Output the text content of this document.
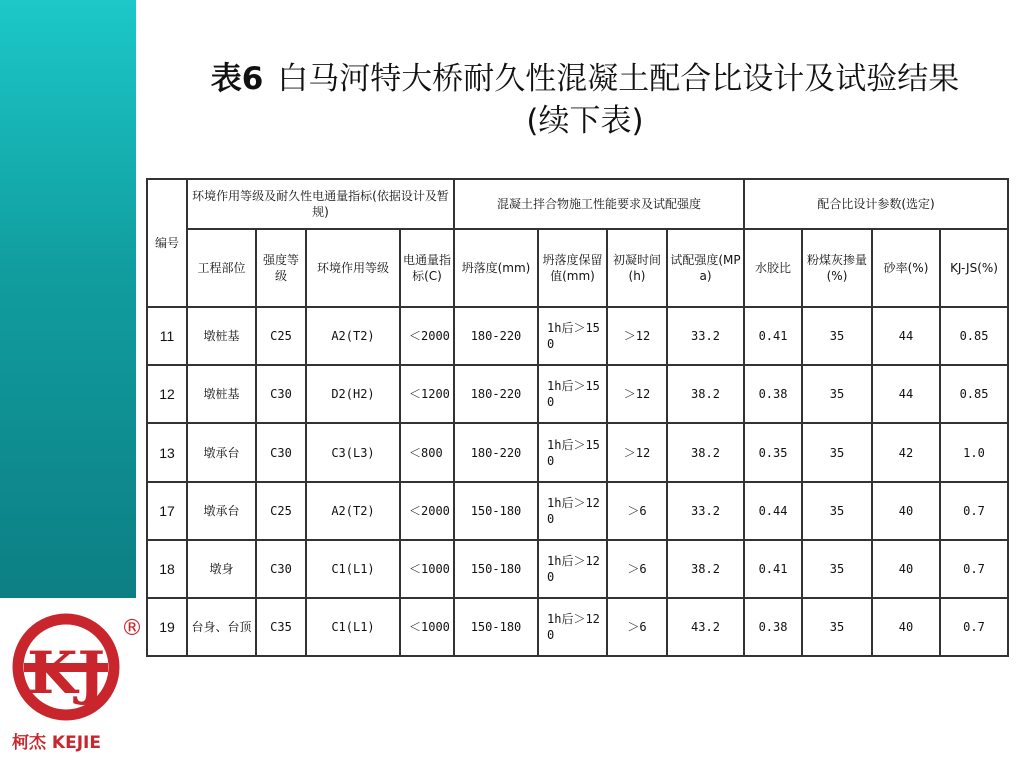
表6 白马河特大桥耐久性混凝土配合比设计及试验结果
(续下表)
编号	环境作用等级及耐久性电通量指标(依据设计及暂规)				混凝土拌合物施工性能要求及试配强度				配合比设计参数(选定)			
	工程部位	强度等级	环境作用等级	电通量指标(C)	坍落度(mm)	坍落度保留值(mm)	初凝时间(h)	试配强度(MPa)	水胶比	粉煤灰掺量(%)	砂率(%)	KJ-JS(%)
11	墩桩基	C25	A2(T2)	＜2000	180-220	1h后＞150	＞12	33.2	0.41	35	44	0.85
12	墩桩基	C30	D2(H2)	＜1200	180-220	1h后＞150	＞12	38.2	0.38	35	44	0.85
13	墩承台	C30	C3(L3)	＜800	180-220	1h后＞150	＞12	38.2	0.35	35	42	1.0
17	墩承台	C25	A2(T2)	＜2000	150-180	1h后＞120	＞6	33.2	0.44	35	40	0.7
18	墩身	C30	C1(L1)	＜1000	150-180	1h后＞120	＞6	38.2	0.41	35	40	0.7
19	台身、台顶	C35	C1(L1)	＜1000	150-180	1h后＞120	＞6	43.2	0.38	35	40	0.7
KJ
®
柯杰 KEJIE
